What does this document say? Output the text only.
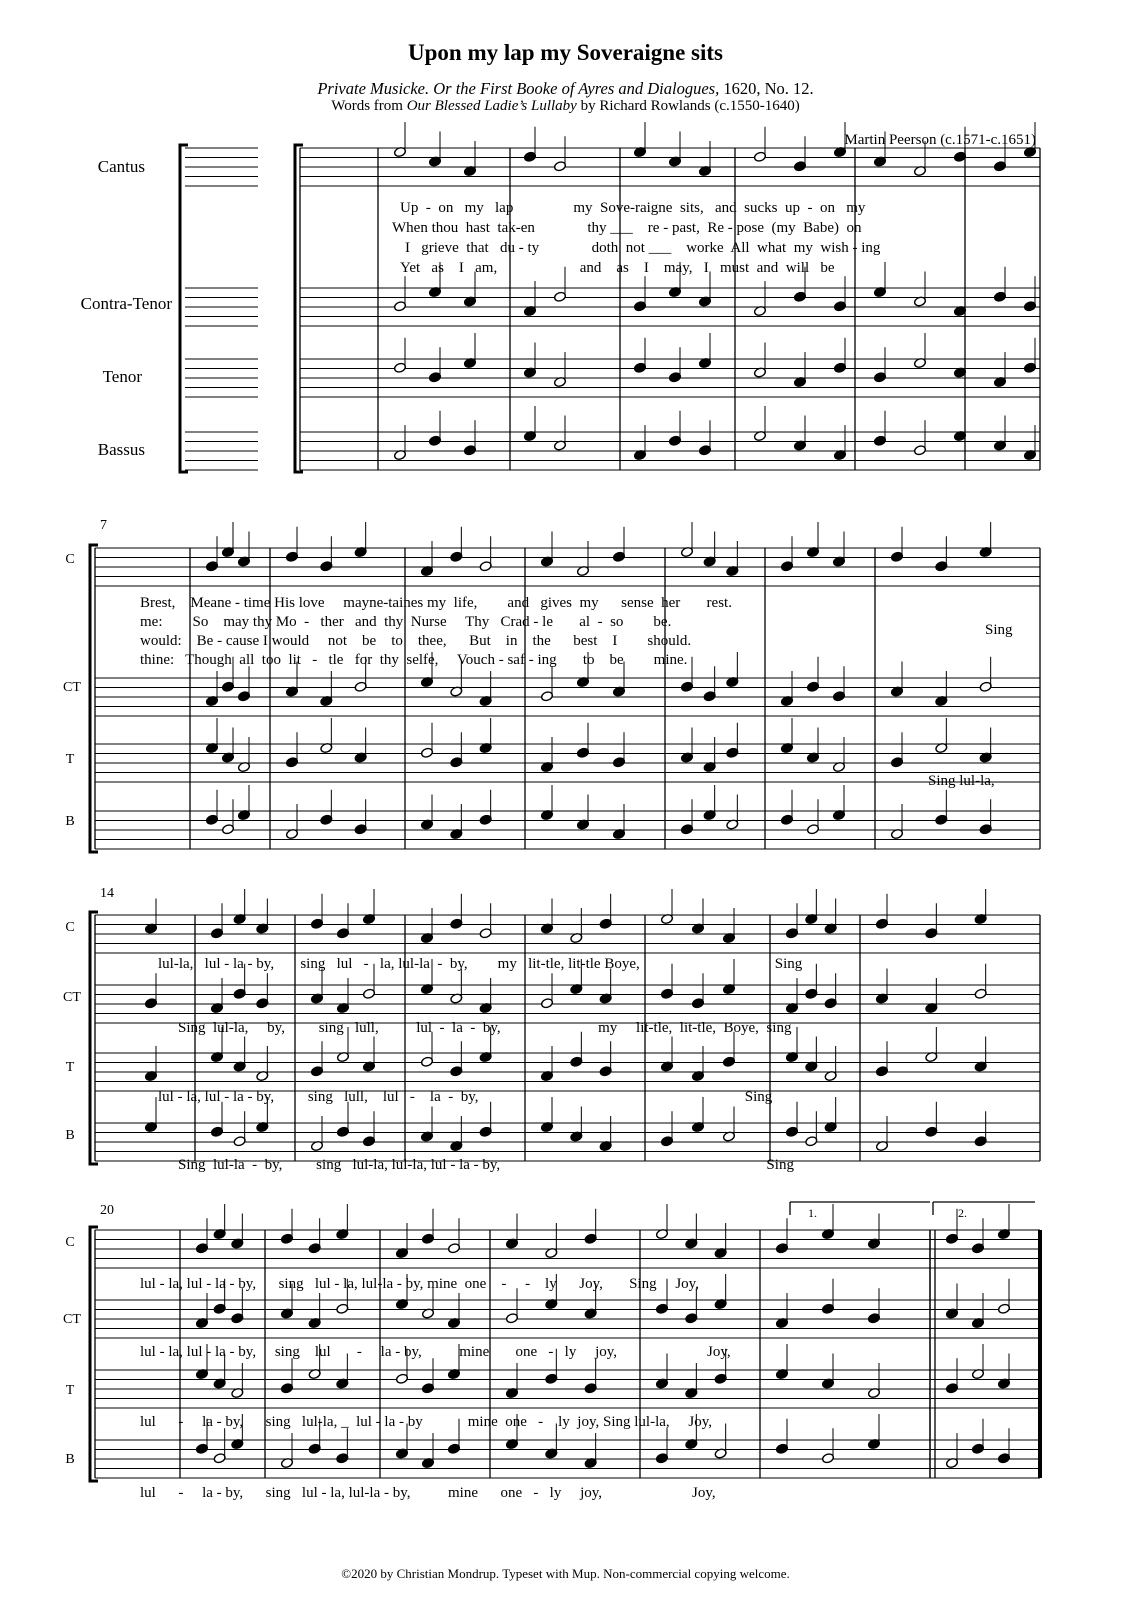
Upon my lap my Soveraigne sits
Private Musicke. Or the First Booke of Ayres and Dialogues, 1620, No. 12.
Words from Our Blessed Ladie’s Lullaby by Richard Rowlands (c.1550-1640)
Martin Peerson (c.1571-c.1651)
Cantus
Contra-Tenor
Tenor
Bassus
C
CT
T
B
C
CT
T
B
C
CT
T
B
7
14
20	1.	2.
Up  -  on   my   lap                my  Sove-raigne  sits,   and  sucks  up  -  on   my
When thou  hast  tak-en              thy ___    re - past,  Re - pose  (my  Babe)  on
I   grieve  that   du - ty              doth  not ___    worke  All  what  my  wish - ing
Yet   as    I   am,                      and    as    I    may,   I   must  and  will   be
Brest,    Meane - time His love     mayne-taines my  life,        and   gives  my      sense  her       rest.
me:        So    may thy Mo  -   ther   and  thy  Nurse     Thy   Crad - le       al  -  so        be.
would:    Be - cause I would     not    be    to    thee,      But    in    the      best    I        should.
thine:   Though  all  too  lit   -   tle   for  thy  selfe,     Vouch - saf - ing       to    be        mine.
Sing
Sing lul-la,
lul-la,   lul - la - by,       sing   lul   -   la, lul-la  -  by,        my   lit-tle, lit-tle Boye,                                    Sing
Sing  lul-la,     by,         sing   lull,          lul  -  la  -  by,                          my     lit-tle,  lit-tle,  Boye,  sing
lul - la, lul - la - by,         sing   lull,    lul   -    la  -  by,                                                                       Sing
Sing  lul-la  -  by,         sing   lul-la, lul-la, lul - la - by,                                                                       Sing
lul - la, lul - la - by,      sing   lul - la, lul-la - by, mine  one    -     -    ly      Joy,       Sing     Joy,
lul - la, lul - la - by,     sing    lul       -     la - by,          mine       one   -   ly     joy,                        Joy,
lul      -     la - by,      sing   lul-la, _  lul - la - by            mine  one   -    ly  joy, Sing lul-la,     Joy,
lul      -     la - by,      sing   lul - la, lul-la - by,          mine      one   -   ly     joy,                        Joy,
©2020 by Christian Mondrup. Typeset with Mup. Non-commercial copying welcome.
